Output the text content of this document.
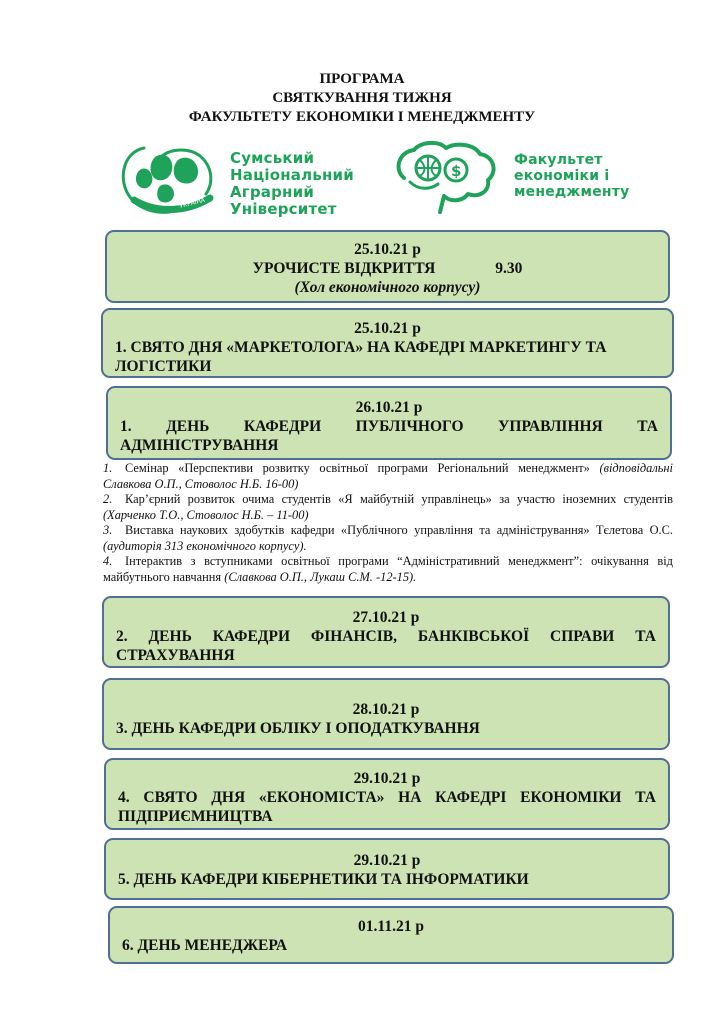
ПРОГРАМА
СВЯТКУВАННЯ ТИЖНЯ
ФАКУЛЬТЕТУ ЕКОНОМІКИ І МЕНЕДЖМЕНТУ
УКРАЇНА
Сумський
Національний
Аграрний
Університет
$
Факультет
економіки і
менеджменту
25.10.21 р
УРОЧИСТЕ ВІДКРИТТЯ	9.30
(Хол економічного корпусу)
25.10.21 р
1. СВЯТО ДНЯ «МАРКЕТОЛОГА» НА КАФЕДРІ МАРКЕТИНГУ ТА ЛОГІСТИКИ
26.10.21 р
1. ДЕНЬ КАФЕДРИ ПУБЛІЧНОГО УПРАВЛІННЯ ТА АДМІНІСТРУВАННЯ
1. Семінар «Перспективи розвитку освітньої програми Регіональний менеджмент» (відповідальні Славкова О.П., Стоволос Н.Б. 16-00)
2. Кар’єрний розвиток очима студентів «Я майбутній управлінець» за участю іноземних студентів (Харченко Т.О., Стоволос Н.Б. – 11-00)
3. Виставка наукових здобутків кафедри «Публічного управління та адміністрування» Тєлетова О.С. (аудиторія 313 економічного корпусу).
4. Інтерактив з вступниками освітньої програми “Адміністративний менеджмент”: очікування від майбутнього навчання (Славкова О.П., Лукаш С.М. -12-15).
27.10.21 р
2. ДЕНЬ КАФЕДРИ ФІНАНСІВ, БАНКІВСЬКОЇ СПРАВИ ТА СТРАХУВАННЯ
28.10.21 р
3. ДЕНЬ КАФЕДРИ ОБЛІКУ І ОПОДАТКУВАННЯ
29.10.21 р
4. СВЯТО ДНЯ «ЕКОНОМІСТА» НА КАФЕДРІ ЕКОНОМІКИ ТА ПІДПРИЄМНИЦТВА
29.10.21 р
5. ДЕНЬ КАФЕДРИ КІБЕРНЕТИКИ ТА ІНФОРМАТИКИ
01.11.21 р
6. ДЕНЬ МЕНЕДЖЕРА
